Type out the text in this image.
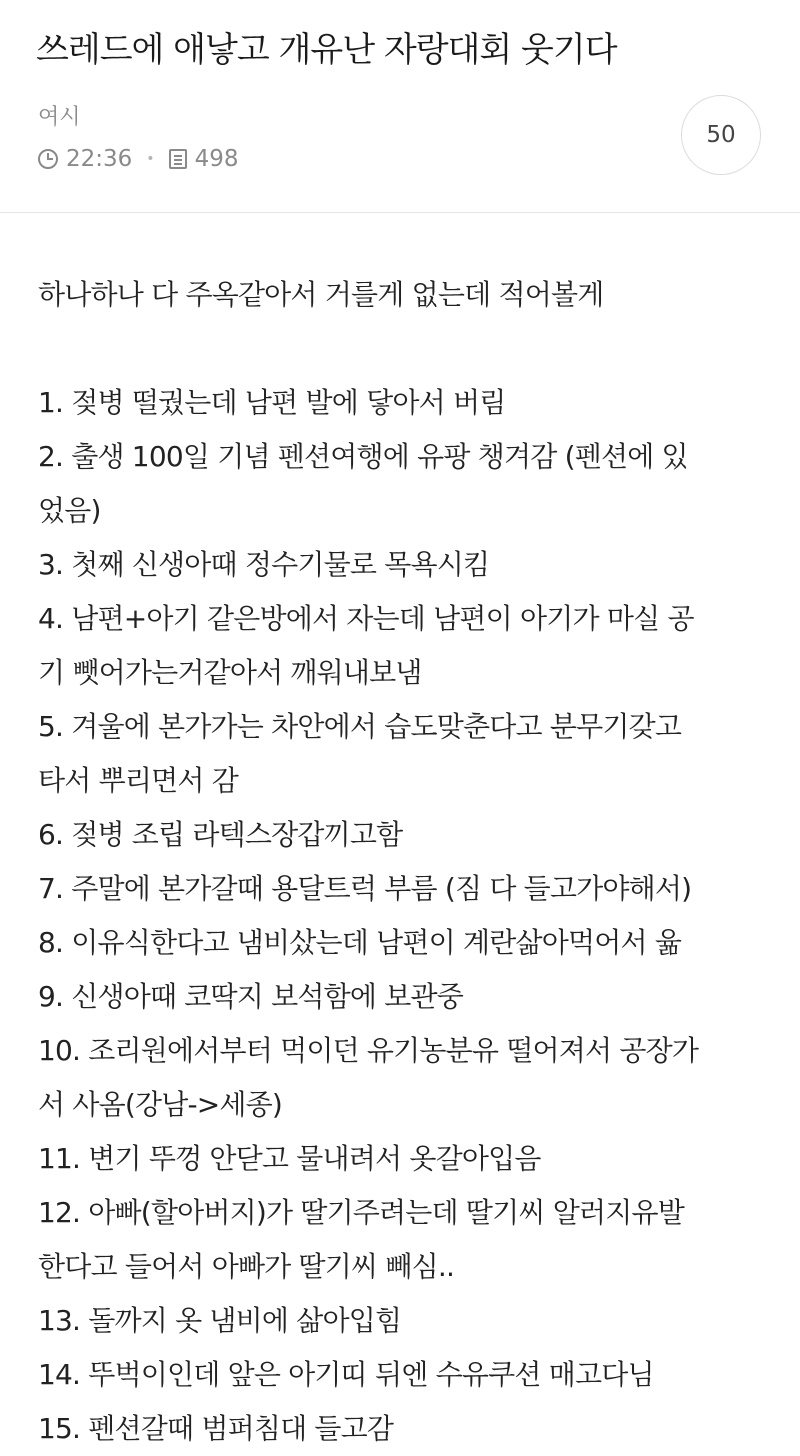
쓰레드에 애낳고 개유난 자랑대회 웃기다
여시
22:36 • 498
50
하나하나 다 주옥같아서 거를게 없는데 적어볼게
1. 젖병 떨궜는데 남편 발에 닿아서 버림
2. 출생 100일 기념 펜션여행에 유팡 챙겨감 (펜션에 있
었음)
3. 첫째 신생아때 정수기물로 목욕시킴
4. 남편+아기 같은방에서 자는데 남편이 아기가 마실 공
기 뺏어가는거같아서 깨워내보냄
5. 겨울에 본가가는 차안에서 습도맞춘다고 분무기갖고
타서 뿌리면서 감
6. 젖병 조립 라텍스장갑끼고함
7. 주말에 본가갈때 용달트럭 부름 (짐 다 들고가야해서)
8. 이유식한다고 냄비샀는데 남편이 계란삶아먹어서 윪
9. 신생아때 코딱지 보석함에 보관중
10. 조리원에서부터 먹이던 유기농분유 떨어져서 공장가
서 사옴(강남->세종)
11. 변기 뚜껑 안닫고 물내려서 옷갈아입음
12. 아빠(할아버지)가 딸기주려는데 딸기씨 알러지유발
한다고 들어서 아빠가 딸기씨 빼심..
13. 돌까지 옷 냄비에 삶아입힘
14. 뚜벅이인데 앞은 아기띠 뒤엔 수유쿠션 매고다님
15. 펜션갈때 범퍼침대 들고감
